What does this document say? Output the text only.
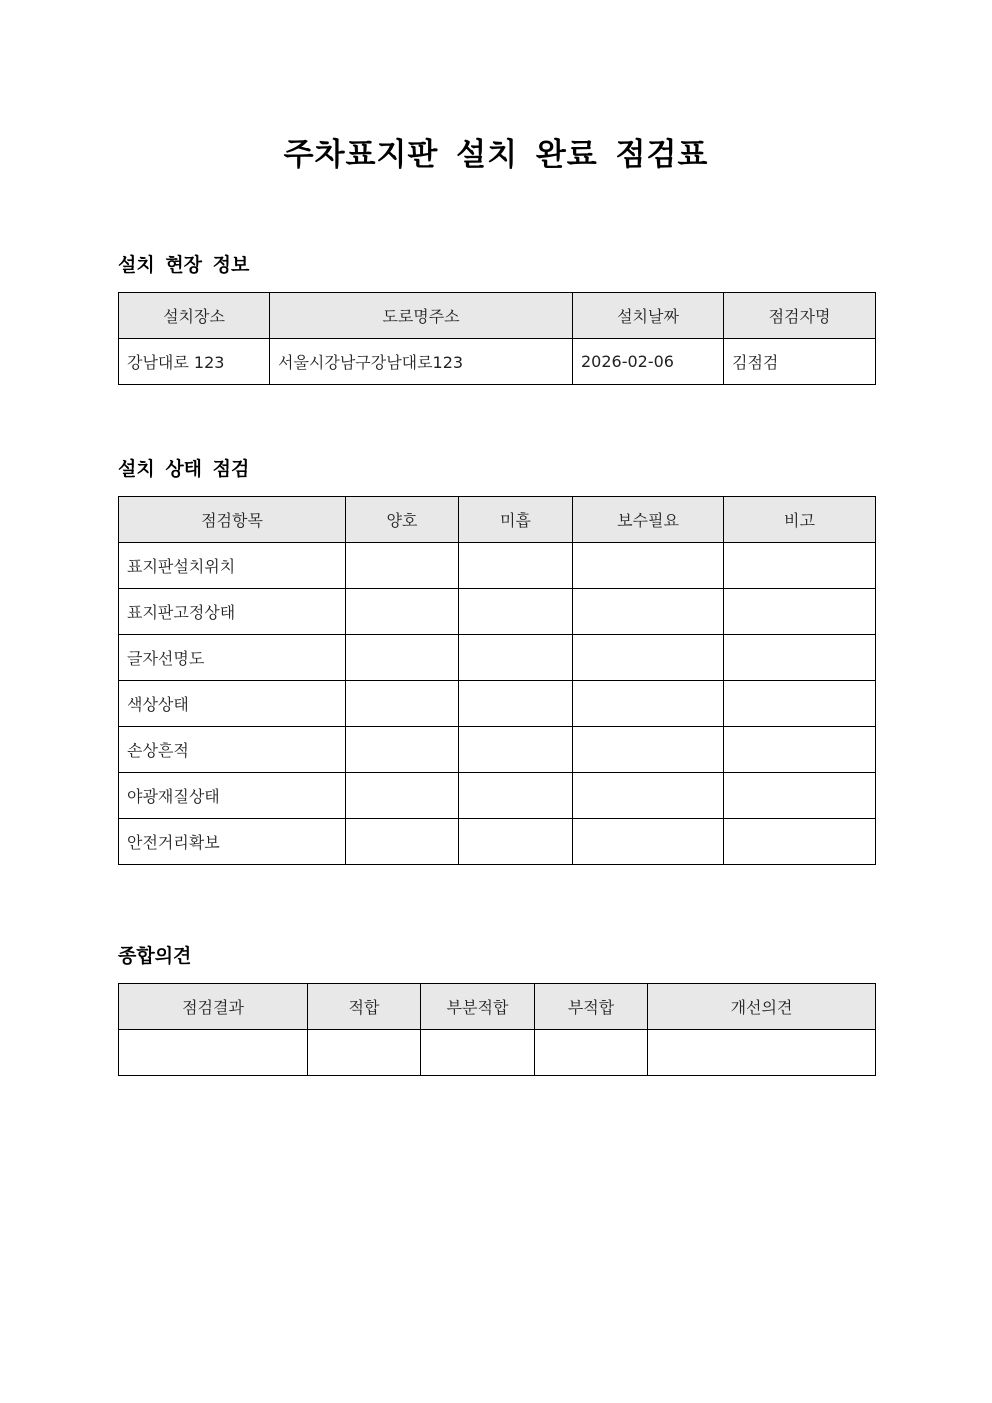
주차표지판 설치 완료 점검표
설치 현장 정보
설치장소	도로명주소	설치날짜	점검자명
강남대로 123	서울시강남구강남대로123	2026-02-06	김점검
설치 상태 점검
점검항목	양호	미흡	보수필요	비고
표지판설치위치				
표지판고정상태				
글자선명도				
색상상태				
손상흔적				
야광재질상태				
안전거리확보				
종합의견
점검결과	적합	부분적합	부적합	개선의견
